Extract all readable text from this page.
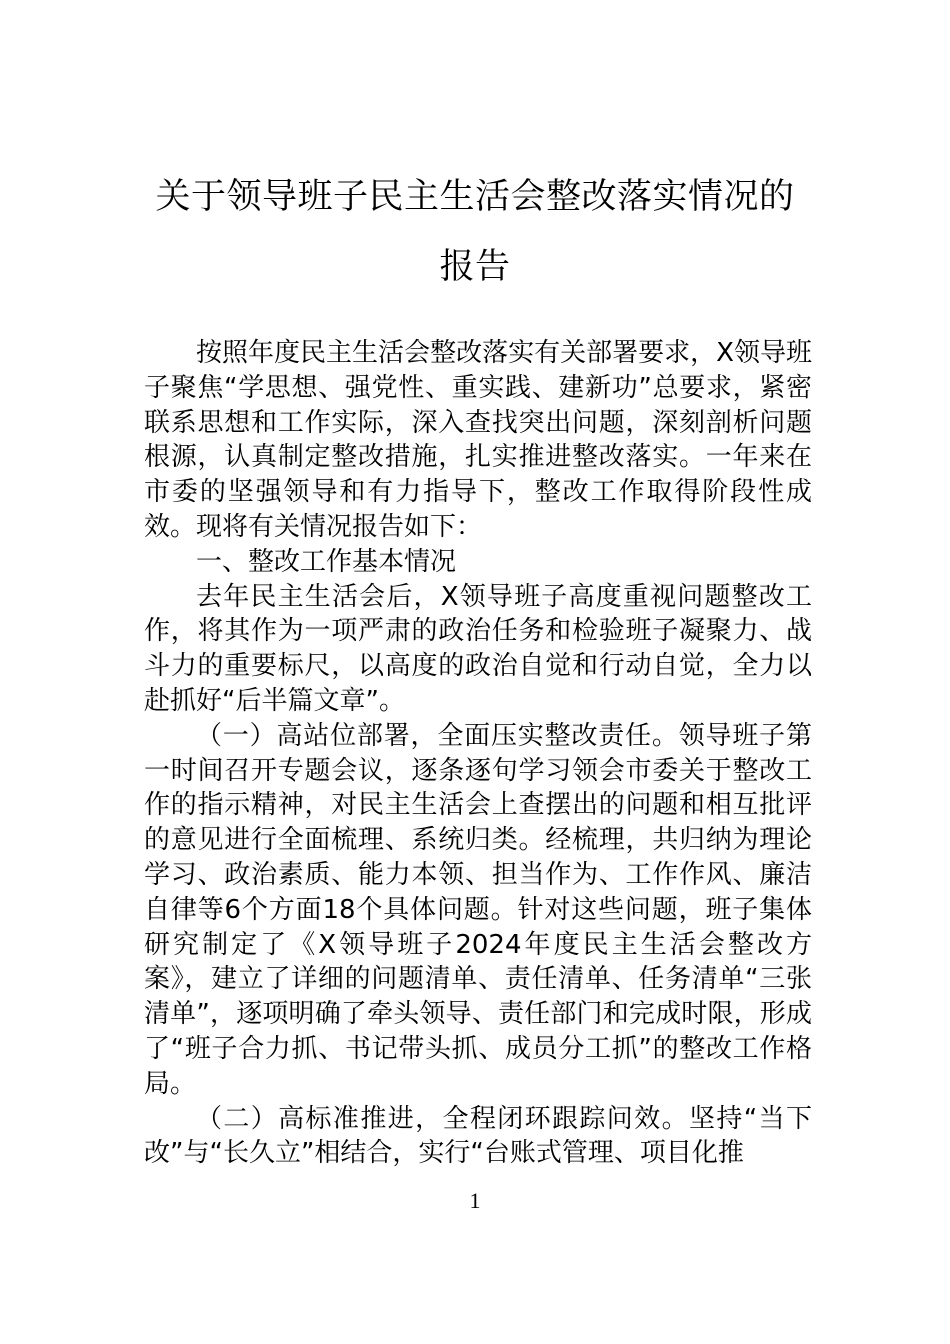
关于领导班子民主生活会整改落实情况的
报告

按照年度民主生活会整改落实有关部署要求，X领导班子聚焦“学思想、强党性、重实践、建新功”总要求，紧密联系思想和工作实际，深入查找突出问题，深刻剖析问题根源，认真制定整改措施，扎实推进整改落实。一年来在市委的坚强领导和有力指导下，整改工作取得阶段性成效。现将有关情况报告如下：

一、整改工作基本情况

去年民主生活会后，X领导班子高度重视问题整改工作，将其作为一项严肃的政治任务和检验班子凝聚力、战斗力的重要标尺，以高度的政治自觉和行动自觉，全力以赴抓好“后半篇文章”。

（一）高站位部署，全面压实整改责任。领导班子第一时间召开专题会议，逐条逐句学习领会市委关于整改工作的指示精神，对民主生活会上查摆出的问题和相互批评的意见进行全面梳理、系统归类。经梳理，共归纳为理论学习、政治素质、能力本领、担当作为、工作作风、廉洁自律等6个方面18个具体问题。针对这些问题，班子集体研究制定了《X领导班子2024年度民主生活会整改方案》，建立了详细的问题清单、责任清单、任务清单“三张清单”，逐项明确了牵头领导、责任部门和完成时限，形成了“班子合力抓、书记带头抓、成员分工抓”的整改工作格局。

（二）高标准推进，全程闭环跟踪问效。坚持“当下改”与“长久立”相结合，实行“台账式管理、项目化推

1
